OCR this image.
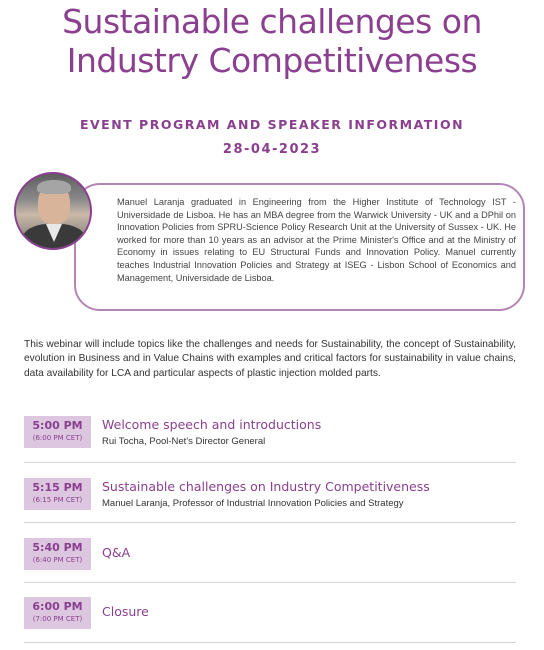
Sustainable challenges on
Industry Competitiveness
EVENT PROGRAM AND SPEAKER INFORMATION
28-04-2023
Manuel Laranja graduated in Engineering from the Higher Institute of Technology IST - Universidade de Lisboa. He has an MBA degree from the Warwick University - UK and a DPhil on Innovation Policies from SPRU-Science Policy Research Unit at the University of Sussex - UK. He worked for more than 10 years as an advisor at the Prime Minister's Office and at the Ministry of Economy in issues relating to EU Structural Funds and Innovation Policy. Manuel currently teaches Industrial Innovation Policies and Strategy at ISEG - Lisbon School of Economics and Management, Universidade de Lisboa.
This webinar will include topics like the challenges and needs for Sustainability, the concept of Sustainability, evolution in Business and in Value Chains with examples and critical factors for sustainability in value chains, data availability for LCA and particular aspects of plastic injection molded parts.
5:00 PM
(6:00 PM CET)
Welcome speech and introductions
Rui Tocha, Pool-Net's Director General
5:15 PM
(6:15 PM CET)
Sustainable challenges on Industry Competitiveness
Manuel Laranja, Professor of Industrial Innovation Policies and Strategy
5:40 PM
(6:40 PM CET)	Q&A
6:00 PM
(7:00 PM CET)	Closure
